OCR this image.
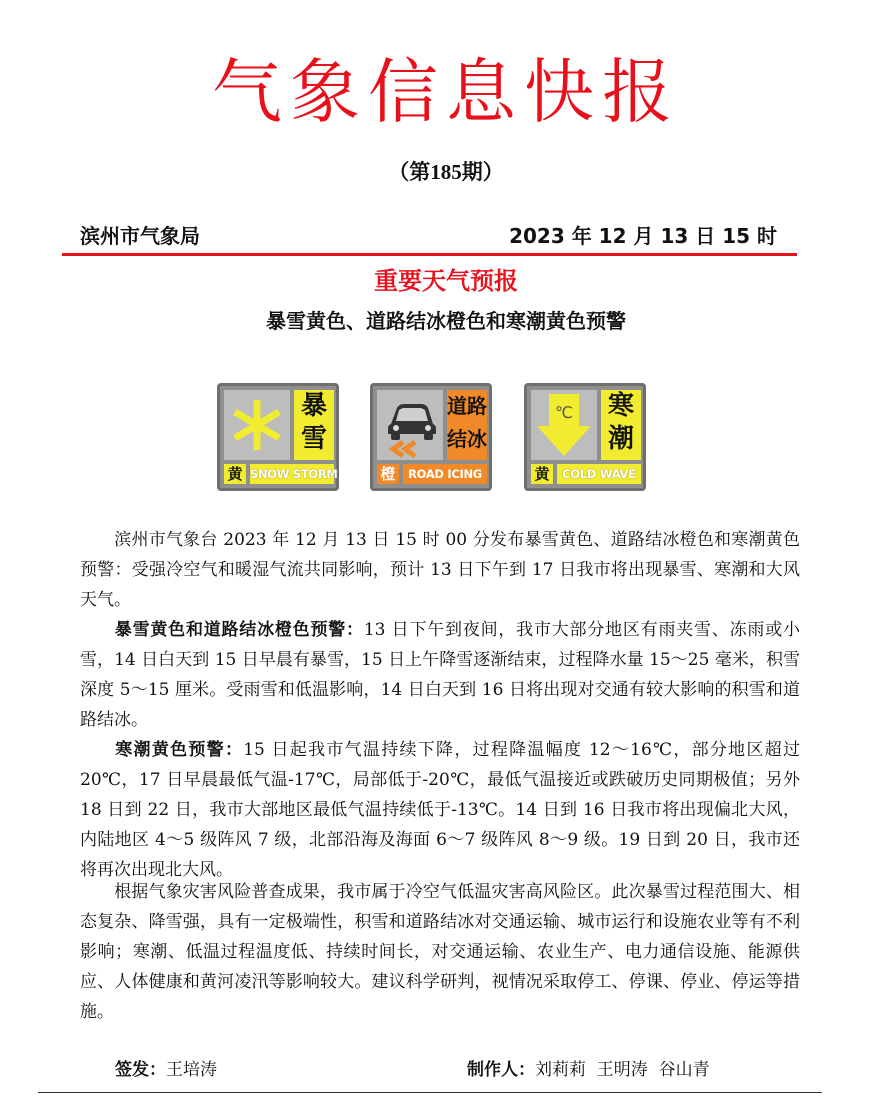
气象信息快报
（第185期）
滨州市气象局	2023 年 12 月 13 日 15 时
重要天气预报
暴雪黄色、道路结冰橙色和寒潮黄色预警
暴
雪
黄 SNOW STORM
道路
结冰
橙	ROAD ICING
℃ 寒
潮
黄	COLD WAVE
滨州市气象台 2023 年 12 月 13 日 15 时 00 分发布暴雪黄色、道路结冰橙色和寒潮黄色预警：受强冷空气和暖湿气流共同影响，预计 13 日下午到 17 日我市将出现暴雪、寒潮和大风天气。
暴雪黄色和道路结冰橙色预警：13 日下午到夜间，我市大部分地区有雨夹雪、冻雨或小雪，14 日白天到 15 日早晨有暴雪，15 日上午降雪逐渐结束，过程降水量 15～25 毫米，积雪深度 5～15 厘米。受雨雪和低温影响，14 日白天到 16 日将出现对交通有较大影响的积雪和道路结冰。
寒潮黄色预警：15 日起我市气温持续下降，过程降温幅度 12～16℃，部分地区超过 20℃，17 日早晨最低气温-17℃，局部低于-20℃，最低气温接近或跌破历史同期极值；另外 18 日到 22 日，我市大部地区最低气温持续低于-13℃。14 日到 16 日我市将出现偏北大风，内陆地区 4～5 级阵风 7 级，北部沿海及海面 6～7 级阵风 8～9 级。19 日到 20 日，我市还将再次出现北大风。
根据气象灾害风险普查成果，我市属于冷空气低温灾害高风险区。此次暴雪过程范围大、相态复杂、降雪强，具有一定极端性，积雪和道路结冰对交通运输、城市运行和设施农业等有不利影响；寒潮、低温过程温度低、持续时间长，对交通运输、农业生产、电力通信设施、能源供应、人体健康和黄河凌汛等影响较大。建议科学研判，视情况采取停工、停课、停业、停运等措施。
签发：王培涛	制作人：刘莉莉  王明涛  谷山青
